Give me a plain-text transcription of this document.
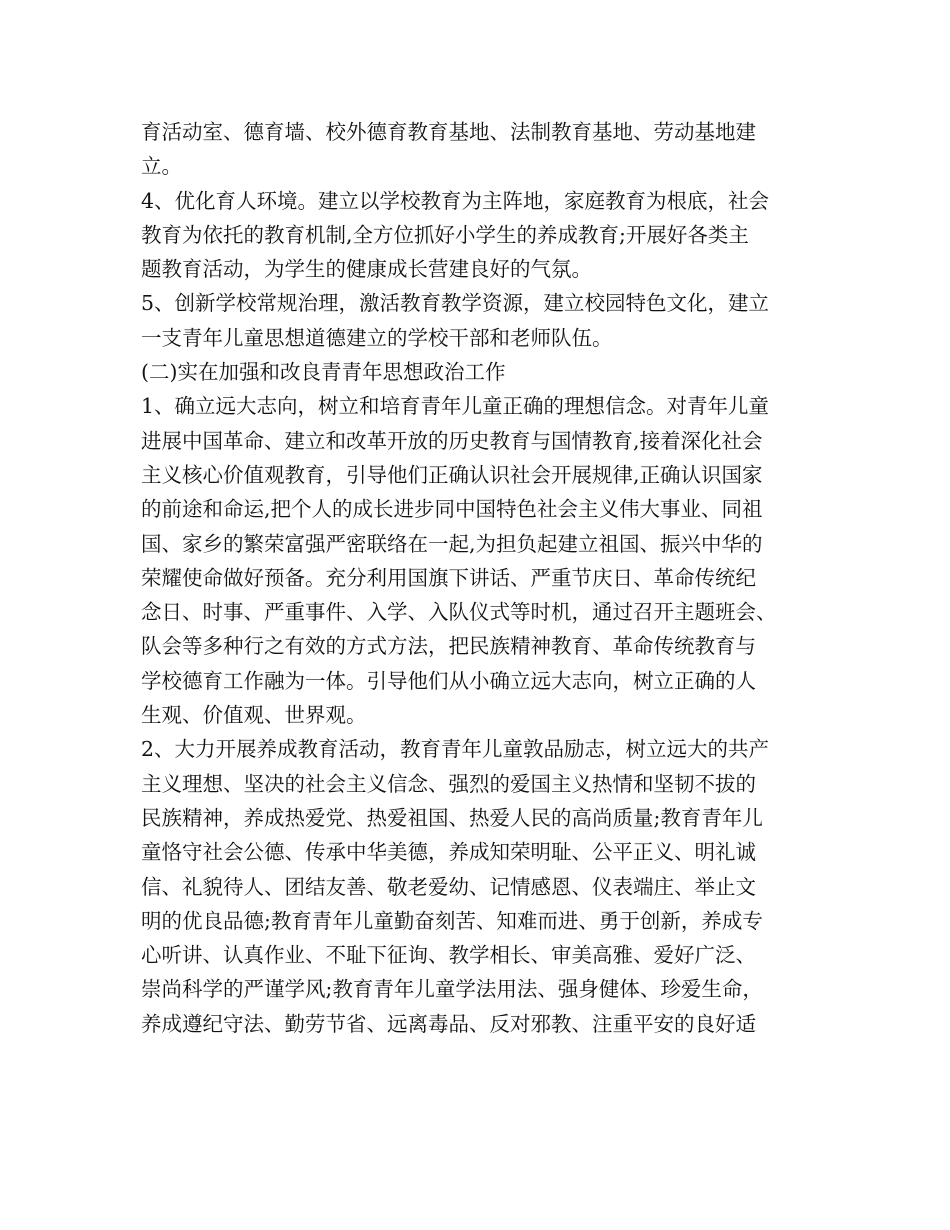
育活动室、德育墙、校外德育教育基地、法制教育基地、劳动基地建
立。
4、优化育人环境。建立以学校教育为主阵地，家庭教育为根底，社会
教育为依托的教育机制,全方位抓好小学生的养成教育;开展好各类主
题教育活动，为学生的健康成长营建良好的气氛。
5、创新学校常规治理，激活教育教学资源，建立校园特色文化，建立
一支青年儿童思想道德建立的学校干部和老师队伍。
(二)实在加强和改良青青年思想政治工作
1、确立远大志向，树立和培育青年儿童正确的理想信念。对青年儿童
进展中国革命、建立和改革开放的历史教育与国情教育,接着深化社会
主义核心价值观教育，引导他们正确认识社会开展规律,正确认识国家
的前途和命运,把个人的成长进步同中国特色社会主义伟大事业、同祖
国、家乡的繁荣富强严密联络在一起,为担负起建立祖国、振兴中华的
荣耀使命做好预备。充分利用国旗下讲话、严重节庆日、革命传统纪
念日、时事、严重事件、入学、入队仪式等时机，通过召开主题班会、
队会等多种行之有效的方式方法，把民族精神教育、革命传统教育与
学校德育工作融为一体。引导他们从小确立远大志向，树立正确的人
生观、价值观、世界观。
2、大力开展养成教育活动，教育青年儿童敦品励志，树立远大的共产
主义理想、坚决的社会主义信念、强烈的爱国主义热情和坚韧不拔的
民族精神，养成热爱党、热爱祖国、热爱人民的高尚质量;教育青年儿
童恪守社会公德、传承中华美德，养成知荣明耻、公平正义、明礼诚
信、礼貌待人、团结友善、敬老爱幼、记情感恩、仪表端庄、举止文
明的优良品德;教育青年儿童勤奋刻苦、知难而进、勇于创新，养成专
心听讲、认真作业、不耻下征询、教学相长、审美高雅、爱好广泛、
崇尚科学的严谨学风;教育青年儿童学法用法、强身健体、珍爱生命，
养成遵纪守法、勤劳节省、远离毒品、反对邪教、注重平安的良好适
